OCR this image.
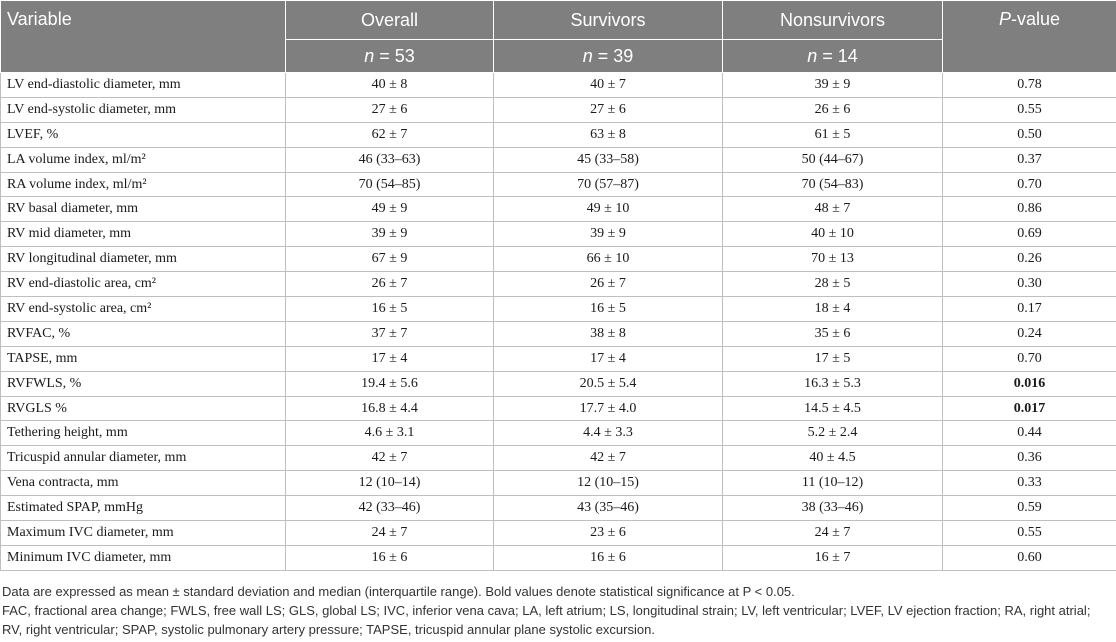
Variable	Overall	Survivors	Nonsurvivors	P-value
	n = 53	n = 39	n = 14	
LV end-diastolic diameter, mm	40 ± 8	40 ± 7	39 ± 9	0.78
LV end-systolic diameter, mm	27 ± 6	27 ± 6	26 ± 6	0.55
LVEF, %	62 ± 7	63 ± 8	61 ± 5	0.50
LA volume index, ml/m²	46 (33–63)	45 (33–58)	50 (44–67)	0.37
RA volume index, ml/m²	70 (54–85)	70 (57–87)	70 (54–83)	0.70
RV basal diameter, mm	49 ± 9	49 ± 10	48 ± 7	0.86
RV mid diameter, mm	39 ± 9	39 ± 9	40 ± 10	0.69
RV longitudinal diameter, mm	67 ± 9	66 ± 10	70 ± 13	0.26
RV end-diastolic area, cm²	26 ± 7	26 ± 7	28 ± 5	0.30
RV end-systolic area, cm²	16 ± 5	16 ± 5	18 ± 4	0.17
RVFAC, %	37 ± 7	38 ± 8	35 ± 6	0.24
TAPSE, mm	17 ± 4	17 ± 4	17 ± 5	0.70
RVFWLS, %	19.4 ± 5.6	20.5 ± 5.4	16.3 ± 5.3	0.016
RVGLS %	16.8 ± 4.4	17.7 ± 4.0	14.5 ± 4.5	0.017
Tethering height, mm	4.6 ± 3.1	4.4 ± 3.3	5.2 ± 2.4	0.44
Tricuspid annular diameter, mm	42 ± 7	42 ± 7	40 ± 4.5	0.36
Vena contracta, mm	12 (10–14)	12 (10–15)	11 (10–12)	0.33
Estimated SPAP, mmHg	42 (33–46)	43 (35–46)	38 (33–46)	0.59
Maximum IVC diameter, mm	24 ± 7	23 ± 6	24 ± 7	0.55
Minimum IVC diameter, mm	16 ± 6	16 ± 6	16 ± 7	0.60

Data are expressed as mean ± standard deviation and median (interquartile range). Bold values denote statistical significance at P < 0.05.

FAC, fractional area change; FWLS, free wall LS; GLS, global LS; IVC, inferior vena cava; LA, left atrium; LS, longitudinal strain; LV, left ventricular; LVEF, LV ejection fraction; RA, right atrial; RV, right ventricular; SPAP, systolic pulmonary artery pressure; TAPSE, tricuspid annular plane systolic excursion.
